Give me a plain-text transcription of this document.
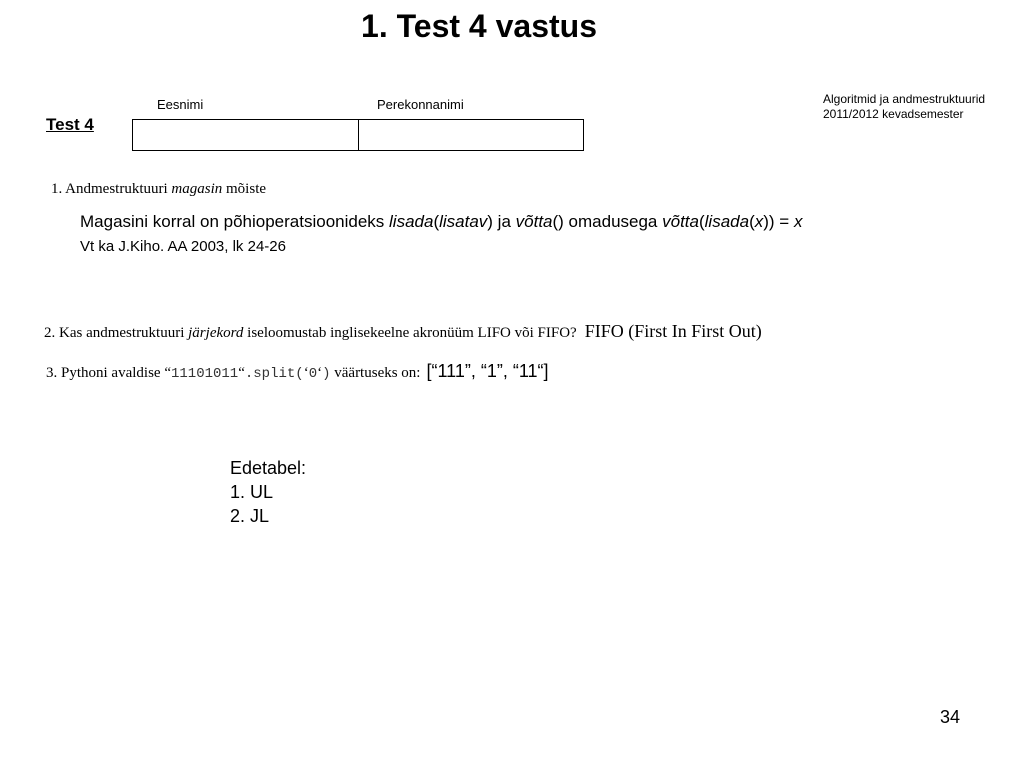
1. Test 4 vastus
Algoritmid ja andmestruktuurid
2011/2012 kevadsemester
Eesnimi	Perekonnanimi
Test 4
1. Andmestruktuuri magasin mõiste
Magasini korral on põhioperatsioonideks lisada(lisatav) ja võtta() omadusega võtta(lisada(x)) = x
Vt ka J.Kiho. AA 2003, lk 24-26
2. Kas andmestruktuuri järjekord iseloomustab inglisekeelne akronüüm LIFO või FIFO? FIFO (First In First Out)
3. Pythoni avaldise “11101011“.split(‘0‘) väärtuseks on: [“111”, “1”, “11“]
Edetabel:
1. UL
2. JL
34
